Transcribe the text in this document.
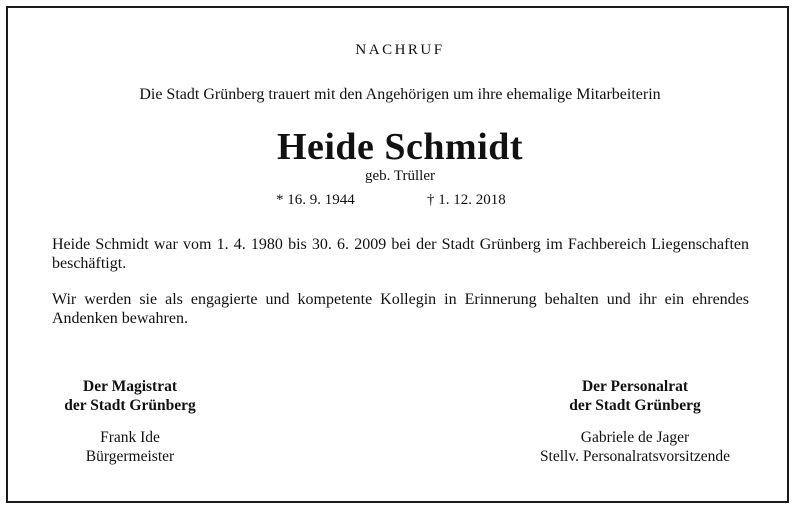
NACHRUF
Die Stadt Grünberg trauert mit den Angehörigen um ihre ehemalige Mitarbeiterin
Heide Schmidt
geb. Trüller
* 16. 9. 1944	† 1. 12. 2018
Heide Schmidt war vom 1. 4. 1980 bis 30. 6. 2009 bei der Stadt Grünberg im Fachbereich Liegenschaften beschäftigt.
Wir werden sie als engagierte und kompetente Kollegin in Erinnerung behalten und ihr ein ehrendes Andenken bewahren.
Der Magistrat
der Stadt Grünberg
Frank Ide
Bürgermeister
Der Personalrat
der Stadt Grünberg
Gabriele de Jager
Stellv. Personalratsvorsitzende
